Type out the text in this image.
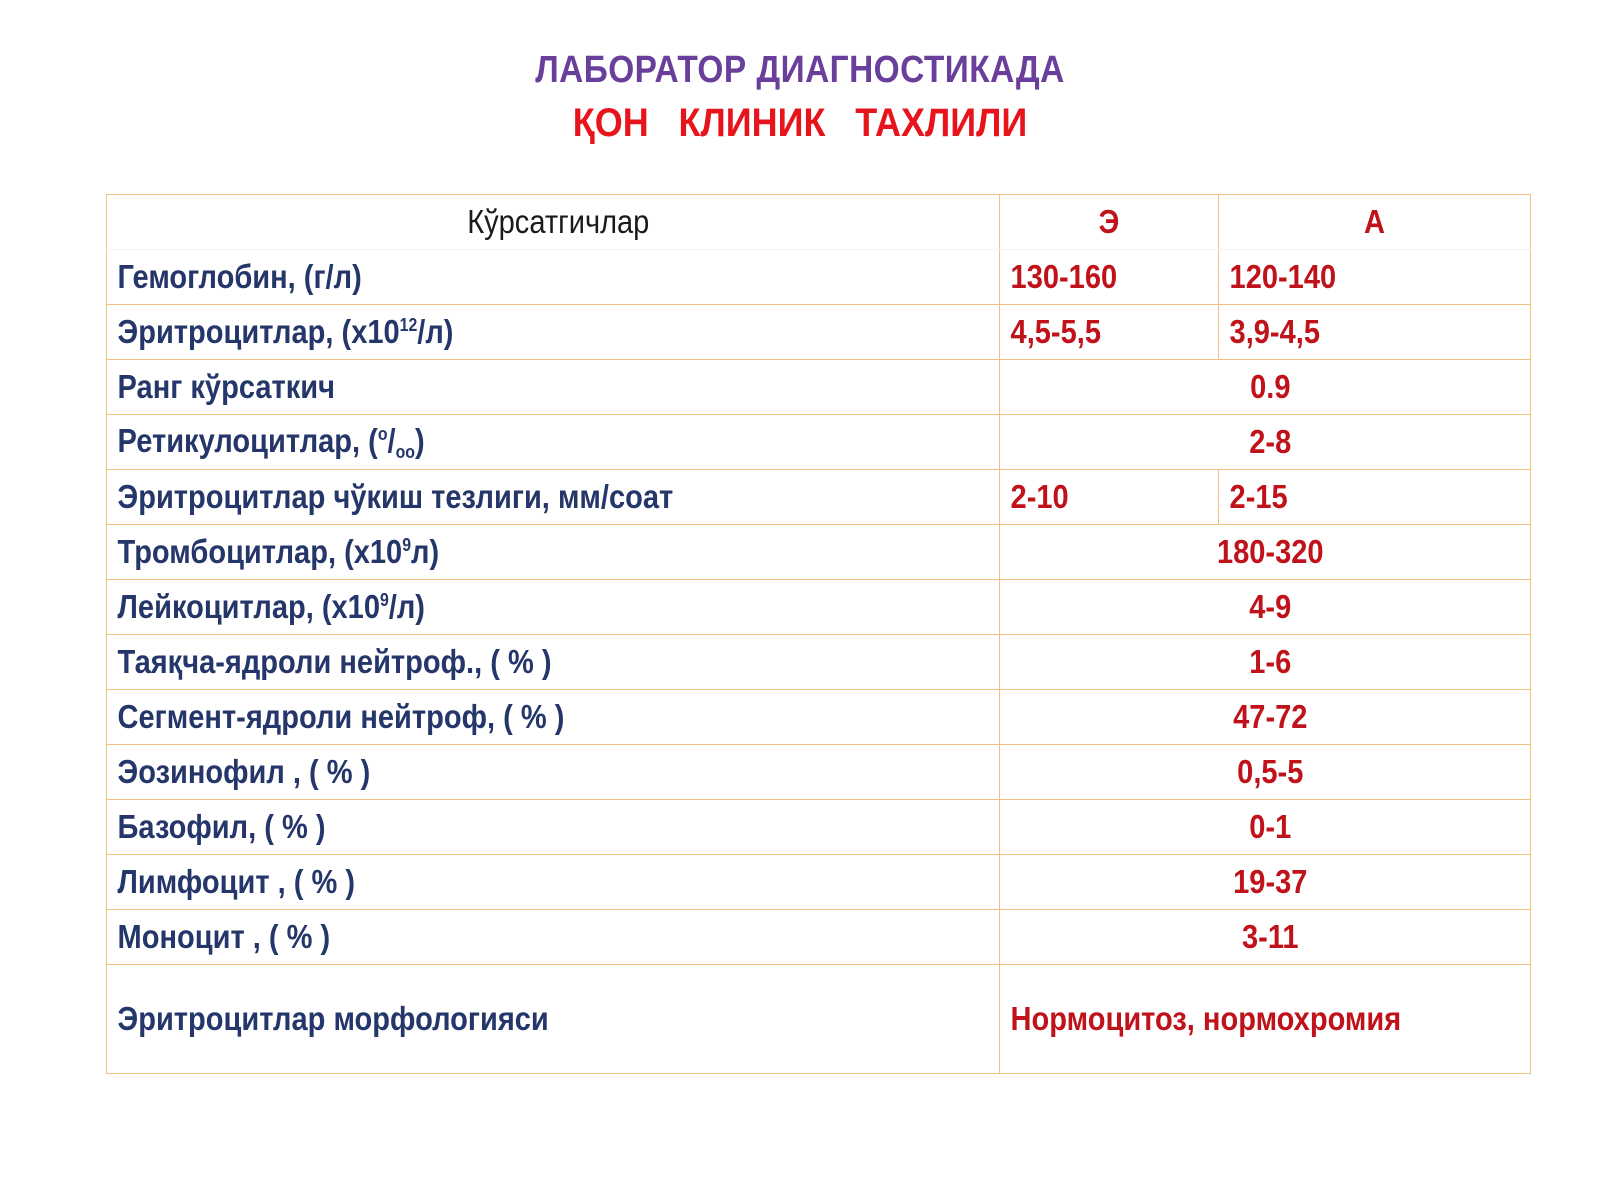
ЛАБОРАТОР ДИАГНОСТИКАДА
ҚОН КЛИНИК ТАХЛИЛИ
Кўрсатгичлар	Э	А

Гемоглобин, (г/л)	130-160	120-140

Эритроцитлар, $(х10^{12}/л)$	4,5-5,5	3,9-4,5

Ранг кўрсаткич	0.9	

Ретикулоцитлар, $(^о/_{оо})$	2-8	

Эритроцитлар чўкиш тезлиги, мм/соат	2-10	2-15

Тромбоцитлар, $(х10^9л)$	180-320	

Лейкоцитлар, $(х10^9/л)$	4-9	

Таяқча-ядроли нейтроф., ( % )	1-6	

Сегмент-ядроли нейтроф, ( % )	47-72	

Эозинофил , ( % )	0,5-5	

Базофил, ( % )	0-1	

Лимфоцит , ( % )	19-37	

Моноцит , ( % )	3-11	

Эритроцитлар морфологияси	Нормоцитоз, нормохромия	
